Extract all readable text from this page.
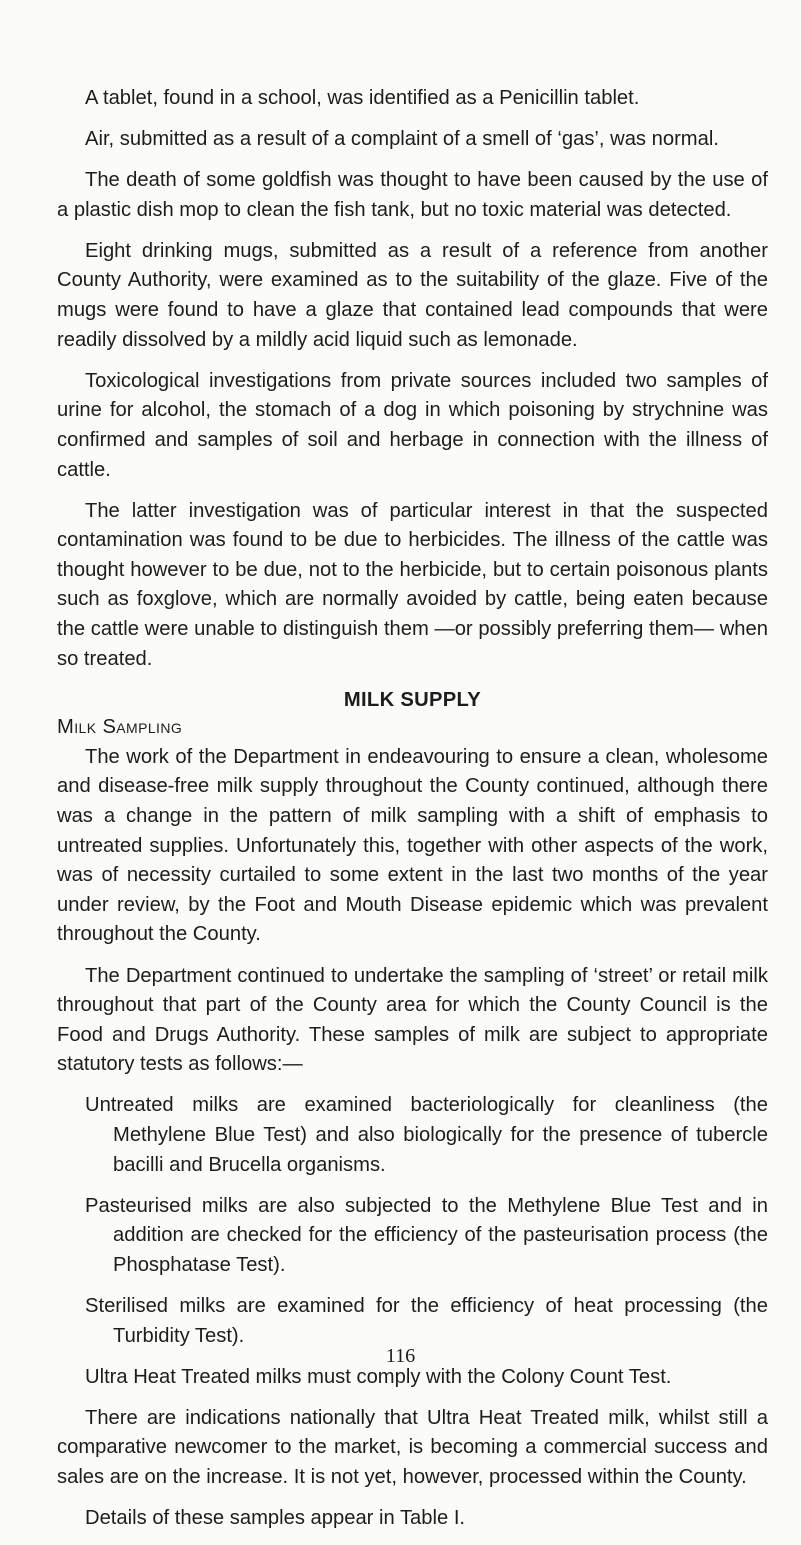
A tablet, found in a school, was identified as a Penicillin tablet.

Air, submitted as a result of a complaint of a smell of ‘gas’, was normal.

The death of some goldfish was thought to have been caused by the use of a plastic dish mop to clean the fish tank, but no toxic material was detected.

Eight drinking mugs, submitted as a result of a reference from another County Authority, were examined as to the suitability of the glaze. Five of the mugs were found to have a glaze that contained lead compounds that were readily dissolved by a mildly acid liquid such as lemonade.

Toxicological investigations from private sources included two samples of urine for alcohol, the stomach of a dog in which poisoning by strychnine was confirmed and samples of soil and herbage in connection with the illness of cattle.

The latter investigation was of particular interest in that the suspected contamination was found to be due to herbicides. The illness of the cattle was thought however to be due, not to the herbicide, but to certain poisonous plants such as foxglove, which are normally avoided by cattle, being eaten because the cattle were unable to distinguish them —or possibly preferring them— when so treated.

MILK SUPPLY
Milk Sampling

The work of the Department in endeavouring to ensure a clean, wholesome and disease-free milk supply throughout the County continued, although there was a change in the pattern of milk sampling with a shift of emphasis to untreated supplies. Unfortunately this, together with other aspects of the work, was of necessity curtailed to some extent in the last two months of the year under review, by the Foot and Mouth Disease epidemic which was prevalent throughout the County.

The Department continued to undertake the sampling of ‘street’ or retail milk throughout that part of the County area for which the County Council is the Food and Drugs Authority. These samples of milk are subject to appropriate statutory tests as follows:—

Untreated milks are examined bacteriologically for cleanliness (the Methylene Blue Test) and also biologically for the presence of tubercle bacilli and Brucella organisms.

Pasteurised milks are also subjected to the Methylene Blue Test and in addition are checked for the efficiency of the pasteurisation process (the Phosphatase Test).

Sterilised milks are examined for the efficiency of heat processing (the Turbidity Test).

Ultra Heat Treated milks must comply with the Colony Count Test.

There are indications nationally that Ultra Heat Treated milk, whilst still a comparative newcomer to the market, is becoming a commercial success and sales are on the increase. It is not yet, however, processed within the County.

Details of these samples appear in Table I.

116
